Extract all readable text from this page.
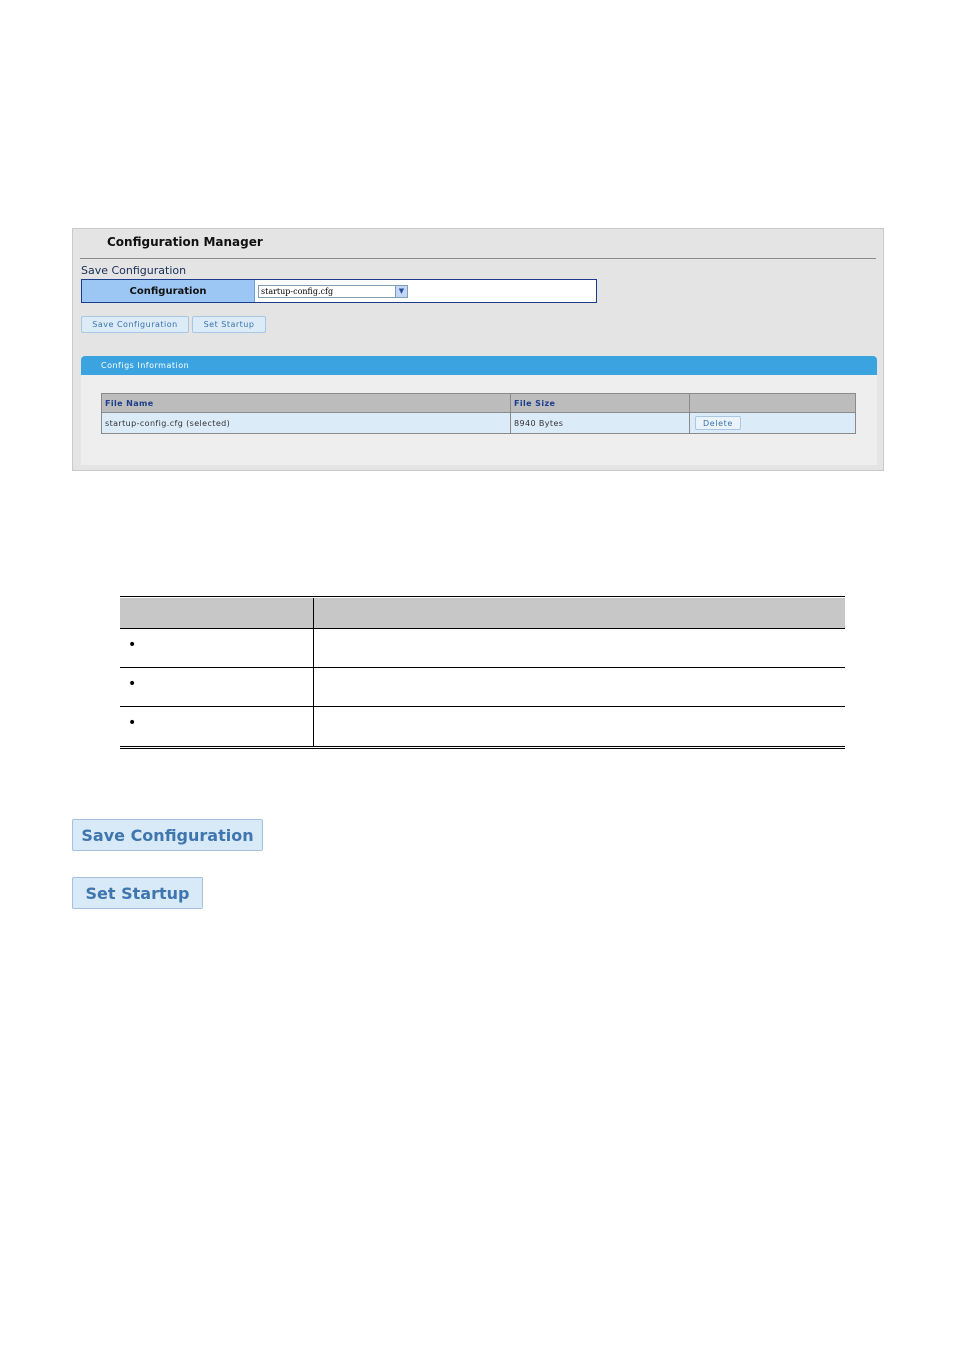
Configuration Manager
Save Configuration
Configuration	startup-config.cfg	▼
Save Configuration	Set Startup
Configs Information
File Name	File Size
startup-config.cfg (selected)	8940 Bytes	Delete
•
•
•
Save Configuration
Set Startup
